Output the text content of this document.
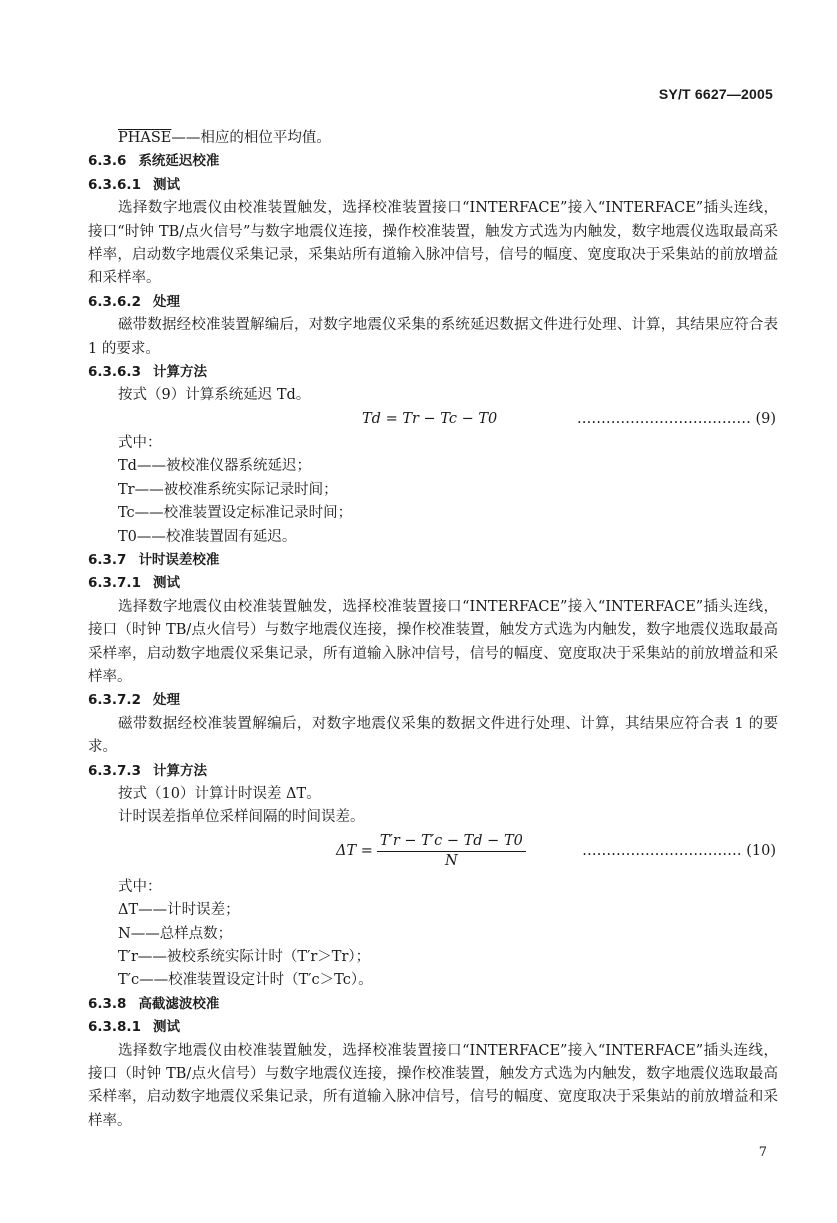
SY/T 6627—2005
PHASE——相应的相位平均值。
6.3.6 系统延迟校准
6.3.6.1 测试

选择数字地震仪由校准装置触发，选择校准装置接口“INTERFACE”接入“INTERFACE”插头连线，接口“时钟 TB/点火信号”与数字地震仪连接，操作校准装置，触发方式选为内触发，数字地震仪选取最高采样率，启动数字地震仪采集记录，采集站所有道输入脉冲信号，信号的幅度、宽度取决于采集站的前放增益和采样率。

6.3.6.2 处理

磁带数据经校准装置解编后，对数字地震仪采集的系统延迟数据文件进行处理、计算，其结果应符合表 1 的要求。

6.3.6.3 计算方法
按式（9）计算系统延迟 Td。
Td = Tr − Tc − T0	……………………………… (9)
式中：
Td——被校准仪器系统延迟；
Tr——被校准系统实际记录时间；
Tc——校准装置设定标准记录时间；
T0——校准装置固有延迟。
6.3.7 计时误差校准
6.3.7.1 测试

选择数字地震仪由校准装置触发，选择校准装置接口“INTERFACE”接入“INTERFACE”插头连线，接口（时钟 TB/点火信号）与数字地震仪连接，操作校准装置，触发方式选为内触发，数字地震仪选取最高采样率，启动数字地震仪采集记录，所有道输入脉冲信号，信号的幅度、宽度取决于采集站的前放增益和采样率。

6.3.7.2 处理

磁带数据经校准装置解编后，对数字地震仪采集的数据文件进行处理、计算，其结果应符合表 1 的要求。

6.3.7.3 计算方法
按式（10）计算计时误差 ΔT。
计时误差指单位采样间隔的时间误差。
$\Delta T = \frac{T'r - T'c - Td - T0}{N}$	…………………………… (10)
式中：
ΔT——计时误差；
N——总样点数；
T′r——被校系统实际计时（T′r＞Tr）；
T′c——校准装置设定计时（T′c＞Tc）。
6.3.8 高截滤波校准
6.3.8.1 测试

选择数字地震仪由校准装置触发，选择校准装置接口“INTERFACE”接入“INTERFACE”插头连线，接口（时钟 TB/点火信号）与数字地震仪连接，操作校准装置，触发方式选为内触发，数字地震仪选取最高采样率，启动数字地震仪采集记录，所有道输入脉冲信号，信号的幅度、宽度取决于采集站的前放增益和采样率。

7
